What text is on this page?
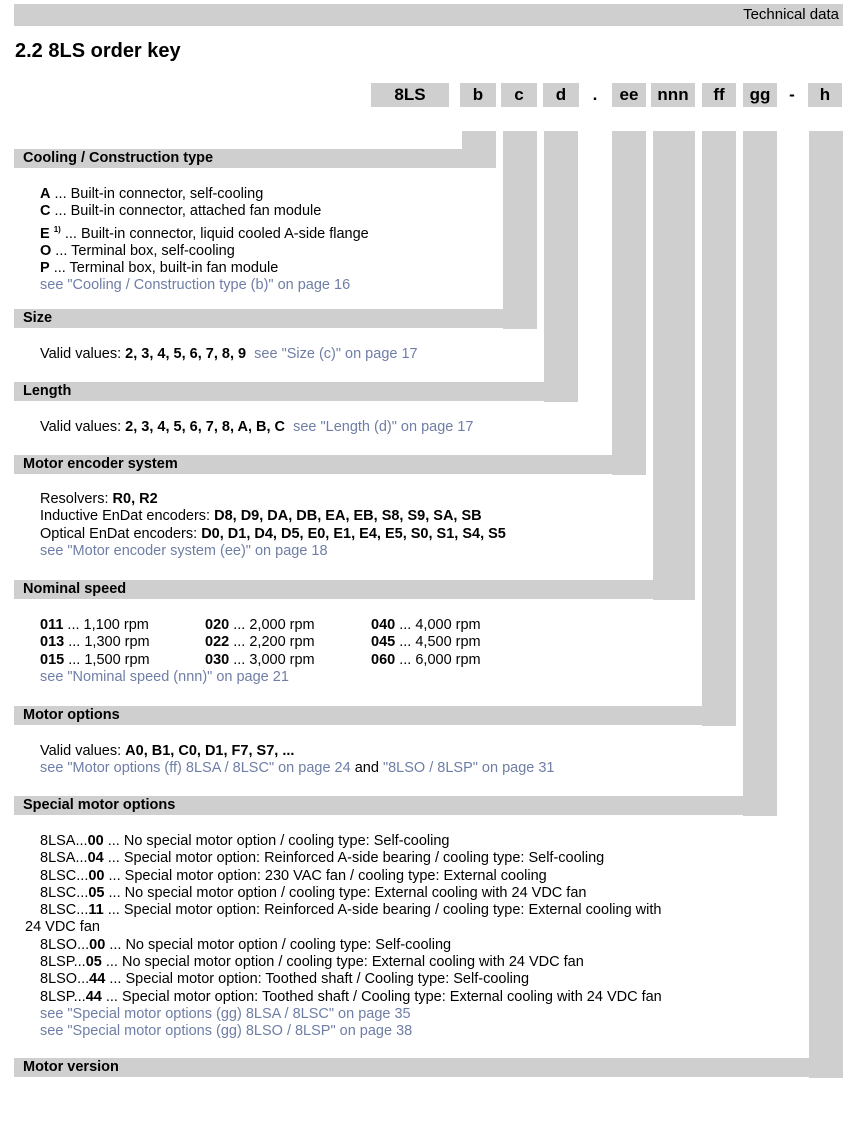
Technical data
2.2 8LS order key
8LS	b	c	d	.	ee	nnn	ff	gg	-	h
Cooling / Construction type
A ... Built-in connector, self-cooling
C ... Built-in connector, attached fan module
E $^{1)}$ ... Built-in connector, liquid cooled A-side flange
O ... Terminal box, self-cooling
P ... Terminal box, built-in fan module
see "Cooling / Construction type (b)" on page 16
Size
Valid values: 2, 3, 4, 5, 6, 7, 8, 9 see "Size (c)" on page 17
Length
Valid values: 2, 3, 4, 5, 6, 7, 8, A, B, C see "Length (d)" on page 17
Motor encoder system
Resolvers: R0, R2
Inductive EnDat encoders: D8, D9, DA, DB, EA, EB, S8, S9, SA, SB
Optical EnDat encoders: D0, D1, D4, D5, E0, E1, E4, E5, S0, S1, S4, S5
see "Motor encoder system (ee)" on page 18
Nominal speed
011 ... 1,100 rpm	020 ... 2,000 rpm	040 ... 4,000 rpm
013 ... 1,300 rpm	022 ... 2,200 rpm	045 ... 4,500 rpm
015 ... 1,500 rpm	030 ... 3,000 rpm	060 ... 6,000 rpm
see "Nominal speed (nnn)" on page 21
Motor options
Valid values: A0, B1, C0, D1, F7, S7, ...
see "Motor options (ff) 8LSA / 8LSC" on page 24 and "8LSO / 8LSP" on page 31
Special motor options
8LSA...00 ... No special motor option / cooling type: Self-cooling
8LSA...04 ... Special motor option: Reinforced A-side bearing / cooling type: Self-cooling
8LSC...00 ... Special motor option: 230 VAC fan / cooling type: External cooling
8LSC...05 ... No special motor option / cooling type: External cooling with 24 VDC fan
8LSC...11 ... Special motor option: Reinforced A-side bearing / cooling type: External cooling with
24 VDC fan
8LSO...00 ... No special motor option / cooling type: Self-cooling
8LSP...05 ... No special motor option / cooling type: External cooling with 24 VDC fan
8LSO...44 ... Special motor option: Toothed shaft / Cooling type: Self-cooling
8LSP...44 ... Special motor option: Toothed shaft / Cooling type: External cooling with 24 VDC fan
see "Special motor options (gg) 8LSA / 8LSC" on page 35
see "Special motor options (gg) 8LSO / 8LSP" on page 38
Motor version
